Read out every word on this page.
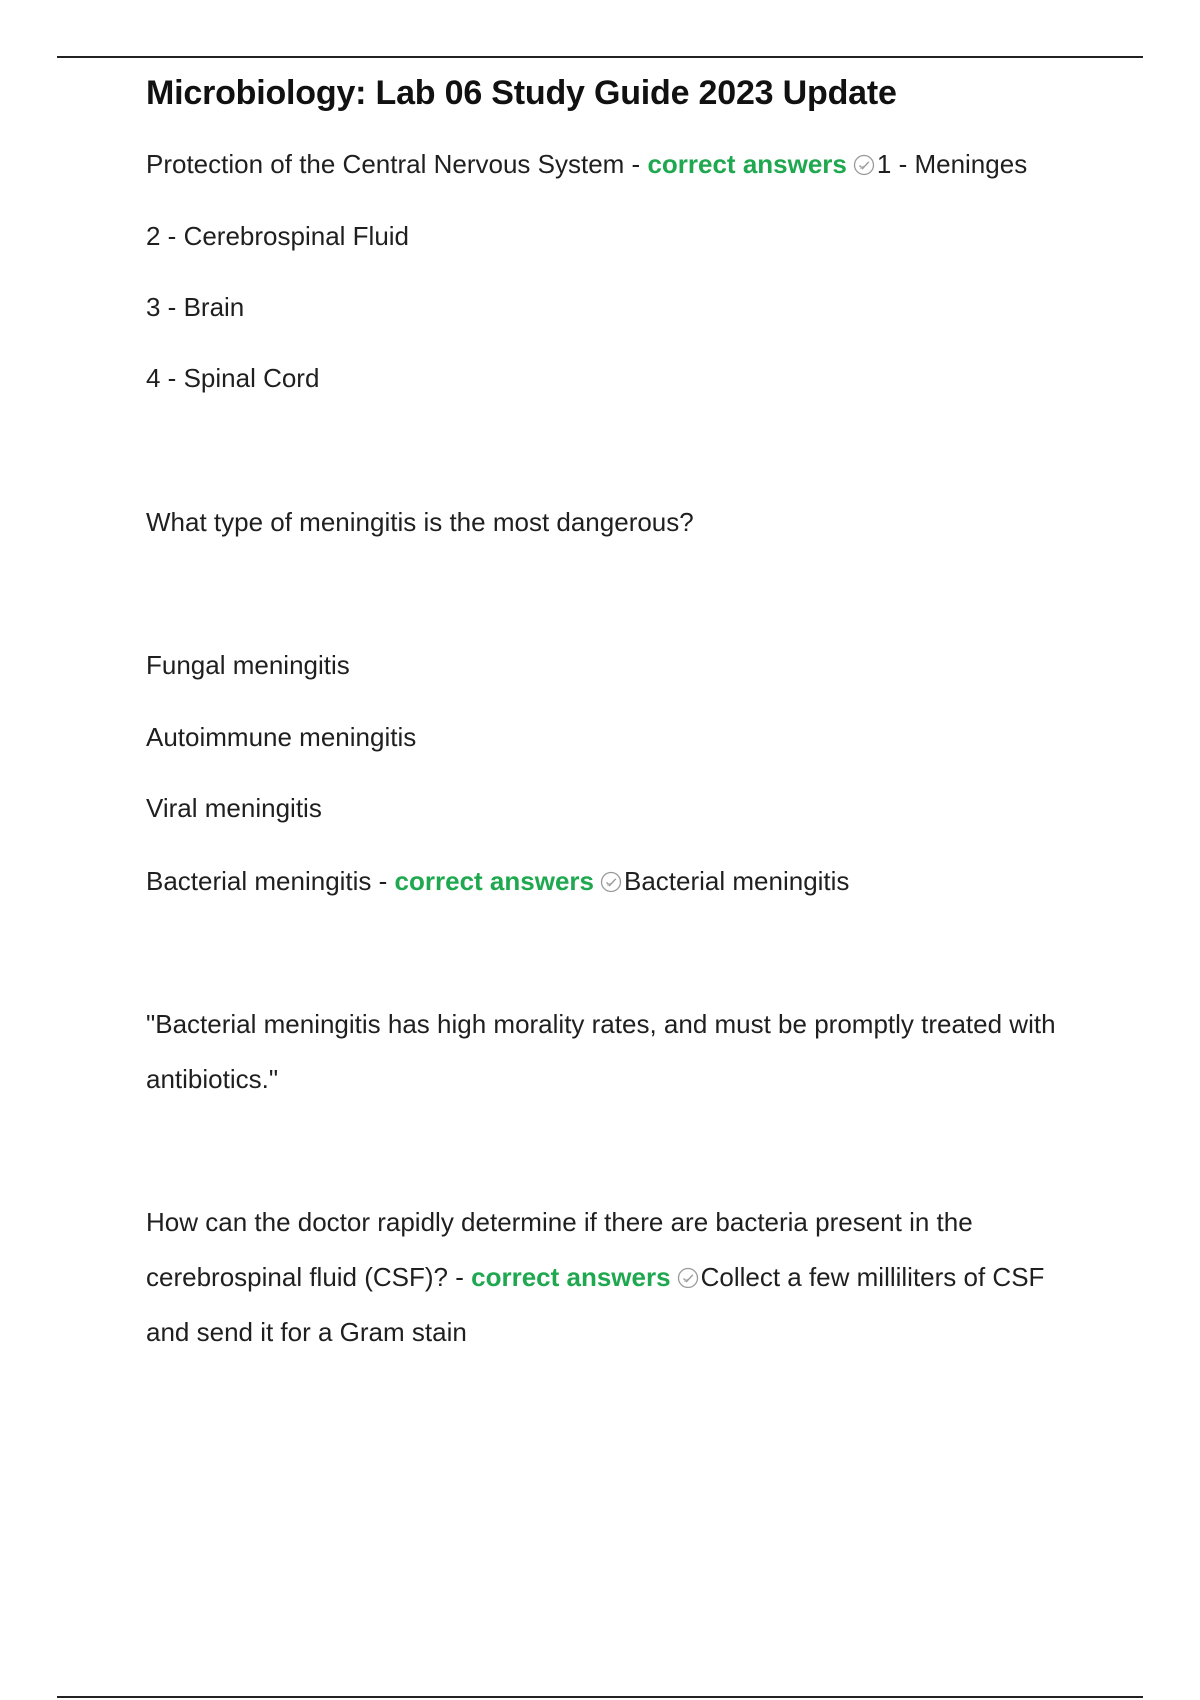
Microbiology: Lab 06 Study Guide 2023 Update

Protection of the Central Nervous System - correct answers 1 - Meninges

2 - Cerebrospinal Fluid

3 - Brain

4 - Spinal Cord

What type of meningitis is the most dangerous?

Fungal meningitis

Autoimmune meningitis

Viral meningitis

Bacterial meningitis - correct answers Bacterial meningitis

"Bacterial meningitis has high morality rates, and must be promptly treated with antibiotics."

How can the doctor rapidly determine if there are bacteria present in the cerebrospinal fluid (CSF)? - correct answers Collect a few milliliters of CSF and send it for a Gram stain
